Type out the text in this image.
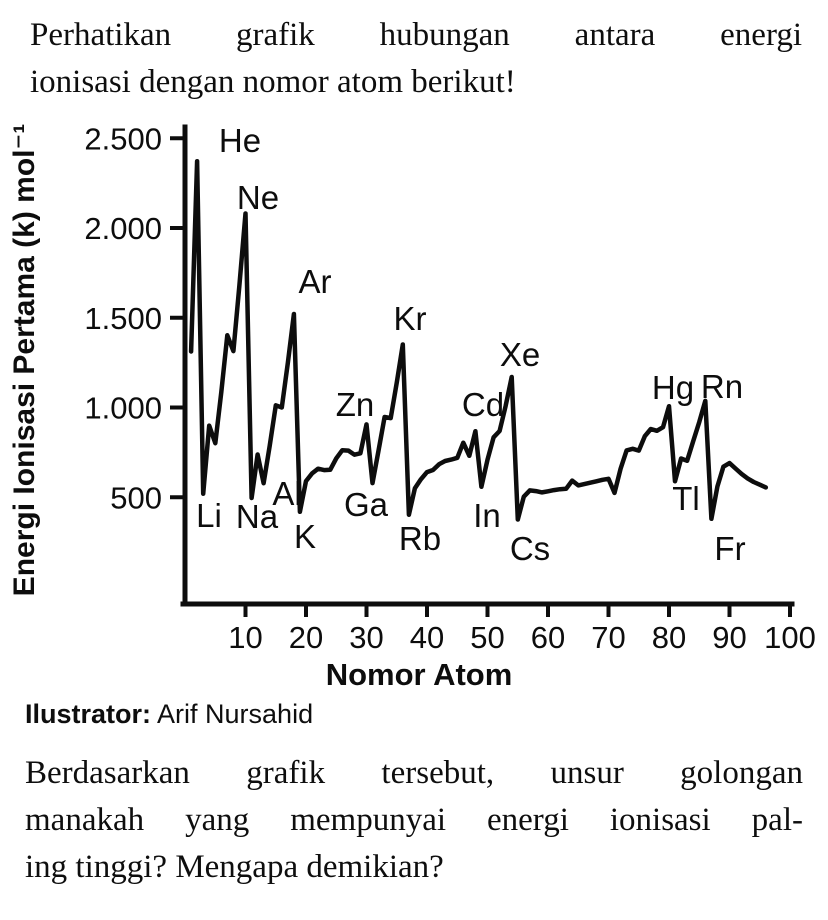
Perhatikan grafik hubungan antara energi
ionisasi dengan nomor atom berikut!
2.500
2.000
1.500
1.000
500
10 20 30 40 50 60 70 80 90 100
He
Ne
Ar
Kr
Xe
Rn
Zn	Cd	Hg
Li Na
Al
K
Ga
Rb
In
Cs
Tl
Fr
Nomor Atom
Energi Ionisasi Pertama (k) mol⁻¹
Ilustrator: Arif Nursahid
Berdasarkan grafik tersebut, unsur golongan
manakah yang mempunyai energi ionisasi pal-
ing tinggi? Mengapa demikian?
